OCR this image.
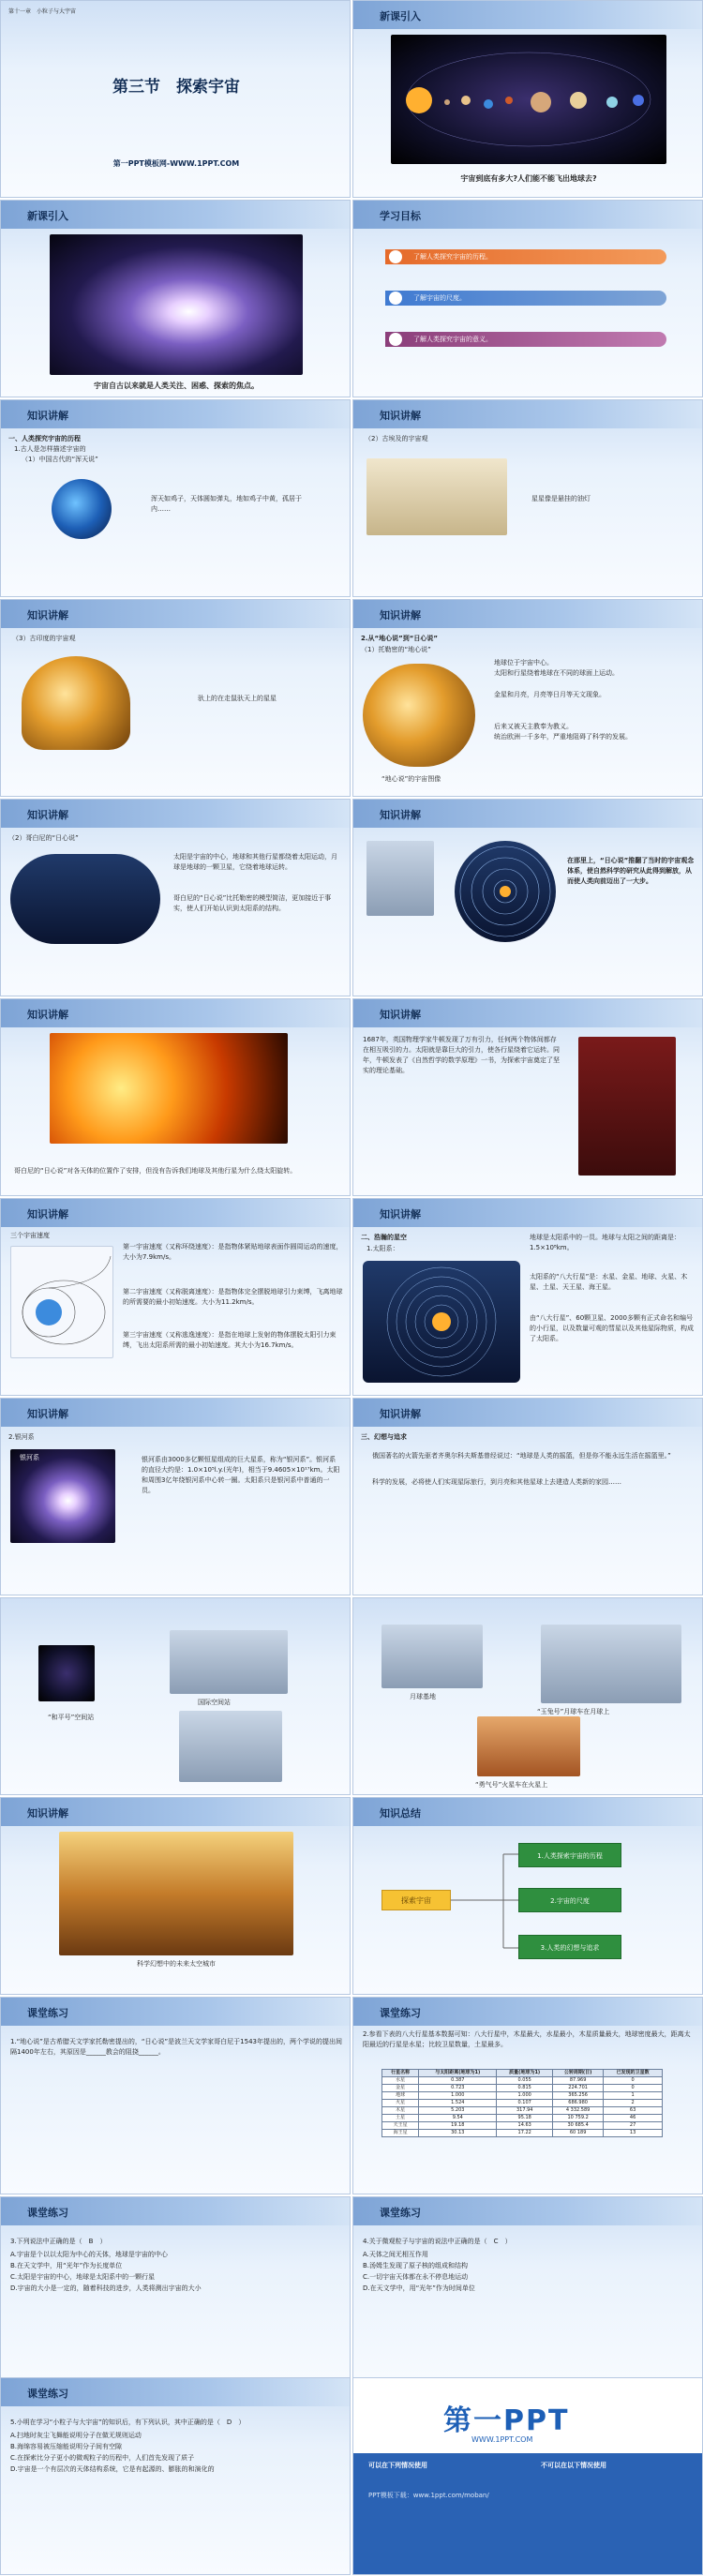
第十一章　小粒子与大宇宙
第三节　探索宇宙
第一PPT模板网-WWW.1PPT.COM
新课引入
宇宙到底有多大?人们能不能飞出地球去?
新课引入
宇宙自古以来就是人类关注、困惑、探索的焦点。
学习目标
1	了解人类探究宇宙的历程。
2	了解宇宙的尺度。
3	了解人类探究宇宙的意义。
知识讲解
一、人类探究宇宙的历程
1.古人是怎样描述宇宙的
（1）中国古代的“浑天说”
浑天如鸡子，天体圆如弹丸，地如鸡子中黄，孤居于内……
知识讲解
（2）古埃及的宇宙观
星星像是悬挂的油灯
知识讲解
（3）古印度的宇宙观
驮上的在走鼠驮天上的星星
知识讲解
2.从“地心说”到“日心说”
（1）托勒密的“地心说”
“地心说”的宇宙图像
地球位于宇宙中心。
太阳和行星绕着地球在不同的球面上运动。
金星和月亮，月亮等日月等天文现象。
后来又被天主教奉为教义。
统治欧洲一千多年，严重地阻碍了科学的发展。
知识讲解
（2）哥白尼的“日心说”
太阳是宇宙的中心，地球和其他行星都绕着太阳运动，月球是地球的一颗卫星，它绕着地球运转。
哥白尼的“日心说”比托勒密的模型简洁，更加接近于事实，使人们开始认识到太阳系的结构。
知识讲解
在那里上，“日心说”推翻了当时的宇宙观念体系，使自然科学的研究从此得到解放，从而使人类向前迈出了一大步。
知识讲解
哥白尼的“日心说”对各天体的位置作了安排，但没有告诉我们地球及其他行星为什么绕太阳旋转。
知识讲解
1687年，英国物理学家牛顿发现了万有引力，任何两个物体间都存在相互吸引的力。太阳就是靠巨大的引力，使各行星绕着它运转。同年，牛顿发表了《自然哲学的数学原理》一书，为探索宇宙奠定了坚实的理论基础。
知识讲解
三个宇宙速度
第一宇宙速度（又称环绕速度）：是指物体紧贴地球表面作圆周运动的速度，大小为7.9km/s。
第二宇宙速度（又称脱离速度）：是指物体完全摆脱地球引力束缚，飞离地球的所需要的最小初始速度。大小为11.2km/s。
第三宇宙速度（又称逃逸速度）：是指在地球上发射的物体摆脱太阳引力束缚，飞出太阳系所需的最小初始速度。其大小为16.7km/s。
知识讲解
二、浩瀚的星空
1.太阳系：
地球是太阳系中的一员。地球与太阳之间的距离是：1.5×10⁸km。
太阳系的“八大行星”是：水星、金星、地球、火星、木星、土星、天王星、海王星。
由“八大行星”、60颗卫星、2000多颗有正式命名和编号的小行星，以及数量可观的彗星以及其他星际物质，构成了太阳系。
知识讲解
2.银河系
银河系	银河系由3000多亿颗恒星组成的巨大星系，称为“银河系”。银河系的直径大约是：1.0×10⁵l.y.(光年)，相当于9.4605×10¹⁷km。太阳和周围3亿年绕银河系中心转一圈。太阳系只是银河系中普通的一员。
知识讲解
三、幻想与追求
俄国著名的火箭先驱者齐奥尔科夫斯基曾经说过：“地球是人类的摇篮，但是你不能永远生活在摇篮里。”
科学的发展，必将使人们实现星际旅行，到月亮和其他星球上去建造人类新的家园……
国际空间站
“和平号”空间站
月球基地
“玉兔号”月球车在月球上
“勇气号”火星车在火星上
知识讲解
科学幻想中的未来太空城市
知识总结
探索宇宙
1.人类探索宇宙的历程
2.宇宙的尺度
3.人类的幻想与追求
课堂练习
1.“地心说”是古希腊天文学家托勒密提出的，“日心说”是波兰天文学家哥白尼于1543年提出的，两个学说的提出间隔1400年左右，其原因是______教会的阻挠______。
课堂练习
2.参看下表的八大行星基本数据可知：八大行星中，木星最大，水星最小，木星质量最大，地球密度最大，距离太阳最近的行星是水星；比较卫星数量，土星最多。
行星名称	与太阳距离(地球为1)	质量(地球为1)	公转周期(日)	已发现的卫星数
水星	0.387	0.055	87.969	0
金星	0.723	0.815	224.701	0
地球	1.000	1.000	365.256	1
火星	1.524	0.107	686.980	2
木星	5.203	317.94	4 332.589	63
土星	9.54	95.18	10 759.2	46
天王星	19.18	14.63	30 685.4	27
海王星	30.13	17.22	60 189	13
课堂练习
3.下列说法中正确的是（　B　）
A.宇宙是个以以太阳为中心的天体，地球是宇宙的中心
B.在天文学中，用“光年”作为长度单位
C.太阳是宇宙的中心，地球是太阳系中的一颗行星
D.宇宙的大小是一定的，随着科技的进步，人类将测出宇宙的大小
课堂练习
4.关于微观粒子与宇宙的说法中正确的是（　C　）
A.天体之间无相互作用
B.汤姆生发现了原子核的组成和结构
C.一切宇宙天体都在永不停息地运动
D.在天文学中，用“光年”作为时间单位
课堂练习
5.小明在学习“小粒子与大宇宙”的知识后，有下列认识，其中正确的是（　D　）
A.扫地时灰尘飞舞能说明分子在做无规则运动
B.海绵容易被压缩能说明分子间有空隙
C.在探索比分子更小的微观粒子的历程中，人们首先发现了质子
D.宇宙是一个有层次的天体结构系统，它是有起源的、膨胀的和演化的
第一PPT
WWW.1PPT.COM
可以在下列情况使用	不可以在以下情况使用
PPT模板下载：www.1ppt.com/moban/
